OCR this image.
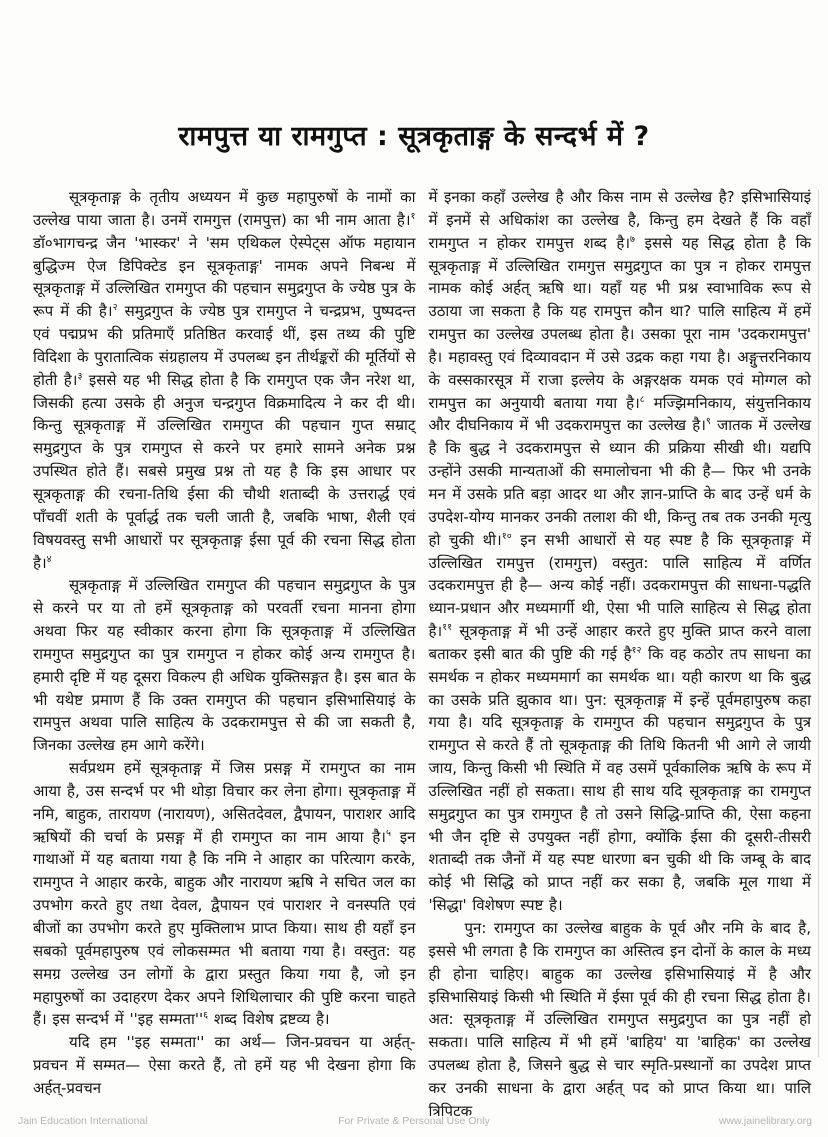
रामपुत्त या रामगुप्त : सूत्रकृताङ्ग के सन्दर्भ में ?

सूत्रकृताङ्ग के तृतीय अध्ययन में कुछ महापुरुषों के नामों का उल्लेख पाया जाता है। उनमें रामगुत्त (रामपुत्त) का भी नाम आता है।$^१$ डॉ०भागचन्द्र जैन 'भास्कर' ने 'सम एथिकल ऐस्पेट्स ऑफ महायान बुद्धिज्म ऐज डिपिक्टेड इन सूत्रकृताङ्ग' नामक अपने निबन्ध में सूत्रकृताङ्ग में उल्लिखित रामगुप्त की पहचान समुद्रगुप्त के ज्येष्ठ पुत्र के रूप में की है।$^२$ समुद्रगुप्त के ज्येष्ठ पुत्र रामगुप्त ने चन्द्रप्रभ, पुष्पदन्त एवं पद्मप्रभ की प्रतिमाएँ प्रतिष्ठित करवाई थीं, इस तथ्य की पुष्टि विदिशा के पुरातात्विक संग्रहालय में उपलब्ध इन तीर्थङ्करों की मूर्तियों से होती है।$^३$ इससे यह भी सिद्ध होता है कि रामगुप्त एक जैन नरेश था, जिसकी हत्या उसके ही अनुज चन्द्रगुप्त विक्रमादित्य ने कर दी थी। किन्तु सूत्रकृताङ्ग में उल्लिखित रामगुप्त की पहचान गुप्त सम्राट् समुद्रगुप्त के पुत्र रामगुप्त से करने पर हमारे सामने अनेक प्रश्न उपस्थित होते हैं। सबसे प्रमुख प्रश्न तो यह है कि इस आधार पर सूत्रकृताङ्ग की रचना-तिथि ईसा की चौथी शताब्दी के उत्तरार्द्ध एवं पाँचवीं शती के पूर्वार्द्ध तक चली जाती है, जबकि भाषा, शैली एवं विषयवस्तु सभी आधारों पर सूत्रकृताङ्ग ईसा पूर्व की रचना सिद्ध होता है।$^४$

सूत्रकृताङ्ग में उल्लिखित रामगुप्त की पहचान समुद्रगुप्त के पुत्र से करने पर या तो हमें सूत्रकृताङ्ग को परवर्ती रचना मानना होगा अथवा फिर यह स्वीकार करना होगा कि सूत्रकृताङ्ग में उल्लिखित रामगुप्त समुद्रगुप्त का पुत्र रामगुप्त न होकर कोई अन्य रामगुप्त है। हमारी दृष्टि में यह दूसरा विकल्प ही अधिक युक्तिसङ्गत है। इस बात के भी यथेष्ट प्रमाण हैं कि उक्त रामगुप्त की पहचान इसिभासियाइं के रामपुत्त अथवा पालि साहित्य के उदकरामपुत्त से की जा सकती है, जिनका उल्लेख हम आगे करेंगे।

सर्वप्रथम हमें सूत्रकृताङ्ग में जिस प्रसङ्ग में रामगुप्त का नाम आया है, उस सन्दर्भ पर भी थोड़ा विचार कर लेना होगा। सूत्रकृताङ्ग में नमि, बाहुक, तारायण (नारायण), असितदेवल, द्वैपायन, पाराशर आदि ऋषियों की चर्चा के प्रसङ्ग में ही रामगुप्त का नाम आया है।$^५$ इन गाथाओं में यह बताया गया है कि नमि ने आहार का परित्याग करके, रामगुप्त ने आहार करके, बाहुक और नारायण ऋषि ने सचित जल का उपभोग करते हुए तथा देवल, द्वैपायन एवं पाराशर ने वनस्पति एवं बीजों का उपभोग करते हुए मुक्तिलाभ प्राप्त किया। साथ ही यहाँ इन सबको पूर्वमहापुरुष एवं लोकसम्मत भी बताया गया है। वस्तुत: यह समग्र उल्लेख उन लोगों के द्वारा प्रस्तुत किया गया है, जो इन महापुरुषों का उदाहरण देकर अपने शिथिलाचार की पुष्टि करना चाहते हैं। इस सन्दर्भ में ''इह $सम्मता''^६$ शब्द विशेष द्रष्टव्य है।

यदि हम ''इह सम्मता'' का अर्थ— जिन-प्रवचन या अर्हत्-प्रवचन में सम्मत— ऐसा करते हैं, तो हमें यह भी देखना होगा कि अर्हत्-प्रवचन

में इनका कहाँ उल्लेख है और किस नाम से उल्लेख है? इसिभासियाइं में इनमें से अधिकांश का उल्लेख है, किन्तु हम देखते हैं कि वहाँ रामगुप्त न होकर रामपुत्त शब्द है।$^७$ इससे यह सिद्ध होता है कि सूत्रकृताङ्ग में उल्लिखित रामगुत्त समुद्रगुप्त का पुत्र न होकर रामपुत्त नामक कोई अर्हत् ऋषि था। यहाँ यह भी प्रश्न स्वाभाविक रूप से उठाया जा सकता है कि यह रामपुत्त कौन था? पालि साहित्य में हमें रामपुत्त का उल्लेख उपलब्ध होता है। उसका पूरा नाम 'उदकरामपुत्त' है। महावस्तु एवं दिव्यावदान में उसे उद्रक कहा गया है। अङ्गुत्तरनिकाय के वस्सकारसूत्र में राजा इल्लेय के अङ्गरक्षक यमक एवं मोग्गल को रामपुत्त का अनुयायी बताया गया है।$^८$ मज्झिमनिकाय, संयुत्तनिकाय और दीघनिकाय में भी उदकरामपुत्त का उल्लेख है।$^९$ जातक में उल्लेख है कि बुद्ध ने उदकरामपुत्त से ध्यान की प्रक्रिया सीखी थी। यद्यपि उन्होंने उसकी मान्यताओं की समालोचना भी की है— फिर भी उनके मन में उसके प्रति बड़ा आदर था और ज्ञान-प्राप्ति के बाद उन्हें धर्म के उपदेश-योग्य मानकर उनकी तलाश की थी, किन्तु तब तक उनकी मृत्यु हो चुकी थी।$^{१०}$ इन सभी आधारों से यह स्पष्ट है कि सूत्रकृताङ्ग में उल्लिखित रामपुत्त (रामगुत्त) वस्तुत: पालि साहित्य में वर्णित उदकरामपुत्त ही है— अन्य कोई नहीं। उदकरामपुत्त की साधना-पद्धति ध्यान-प्रधान और मध्यमार्गी थी, ऐसा भी पालि साहित्य से सिद्ध होता है।$^{११}$ सूत्रकृताङ्ग में भी उन्हें आहार करते हुए मुक्ति प्राप्त करने वाला बताकर इसी बात की पुष्टि की गई है$^{१२}$ कि वह कठोर तप साधना का समर्थक न होकर मध्यममार्ग का समर्थक था। यही कारण था कि बुद्ध का उसके प्रति झुकाव था। पुन: सूत्रकृताङ्ग में इन्हें पूर्वमहापुरुष कहा गया है। यदि सूत्रकृताङ्ग के रामगुप्त की पहचान समुद्रगुप्त के पुत्र रामगुप्त से करते हैं तो सूत्रकृताङ्ग की तिथि कितनी भी आगे ले जायी जाय, किन्तु किसी भी स्थिति में वह उसमें पूर्वकालिक ऋषि के रूप में उल्लिखित नहीं हो सकता। साथ ही साथ यदि सूत्रकृताङ्ग का रामगुप्त समुद्रगुप्त का पुत्र रामगुप्त है तो उसने सिद्धि-प्राप्ति की, ऐसा कहना भी जैन दृष्टि से उपयुक्त नहीं होगा, क्योंकि ईसा की दूसरी-तीसरी शताब्दी तक जैनों में यह स्पष्ट धारणा बन चुकी थी कि जम्बू के बाद कोई भी सिद्धि को प्राप्त नहीं कर सका है, जबकि मूल गाथा में 'सिद्धा' विशेषण स्पष्ट है।

पुन: रामगुप्त का उल्लेख बाहुक के पूर्व और नमि के बाद है, इससे भी लगता है कि रामगुप्त का अस्तित्व इन दोनों के काल के मध्य ही होना चाहिए। बाहुक का उल्लेख इसिभासियाइं में है और इसिभासियाइं किसी भी स्थिति में ईसा पूर्व की ही रचना सिद्ध होता है। अत: सूत्रकृताङ्ग में उल्लिखित रामगुप्त समुद्रगुप्त का पुत्र नहीं हो सकता। पालि साहित्य में भी हमें 'बाहिय' या 'बाहिक' का उल्लेख उपलब्ध होता है, जिसने बुद्ध से चार स्मृति-प्रस्थानों का उपदेश प्राप्त कर उनकी साधना के द्वारा अर्हत् पद को प्राप्त किया था। पालि त्रिपिटक

Jain Education International	For Private & Personal Use Only	www.jainelibrary.org
